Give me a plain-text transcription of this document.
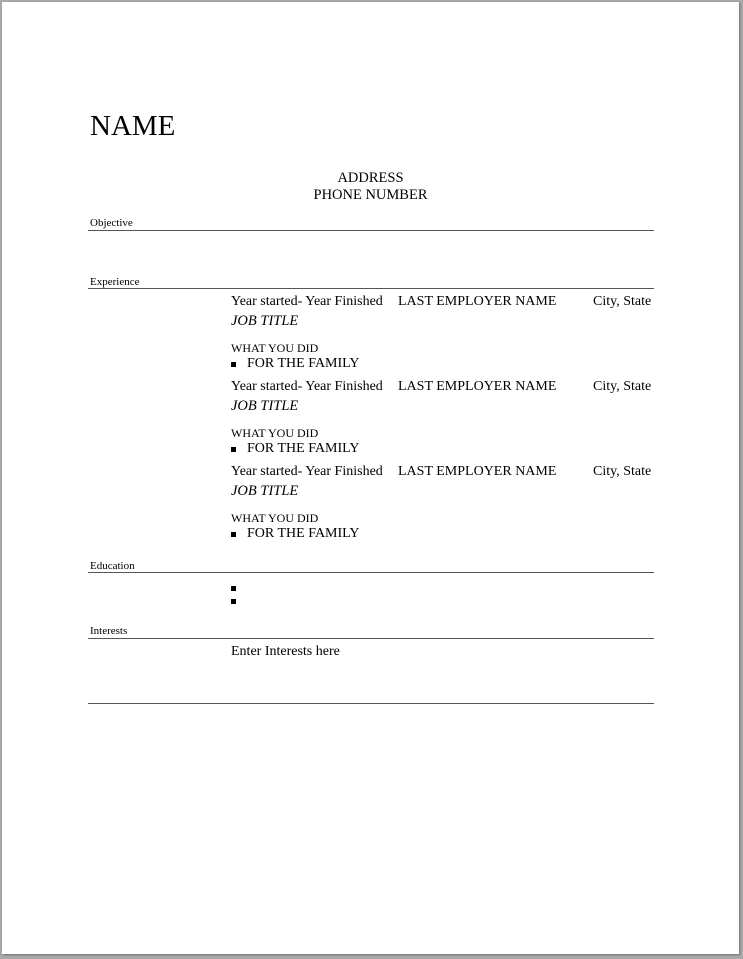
NAME
ADDRESS
PHONE NUMBER
Objective
Experience
Year started- Year Finished LAST EMPLOYER NAME	City, State
JOB TITLE
WHAT YOU DID
FOR THE FAMILY
Year started- Year Finished LAST EMPLOYER NAME	City, State
JOB TITLE
WHAT YOU DID
FOR THE FAMILY
Year started- Year Finished LAST EMPLOYER NAME	City, State
JOB TITLE
WHAT YOU DID
FOR THE FAMILY
Education
Interests
Enter Interests here
